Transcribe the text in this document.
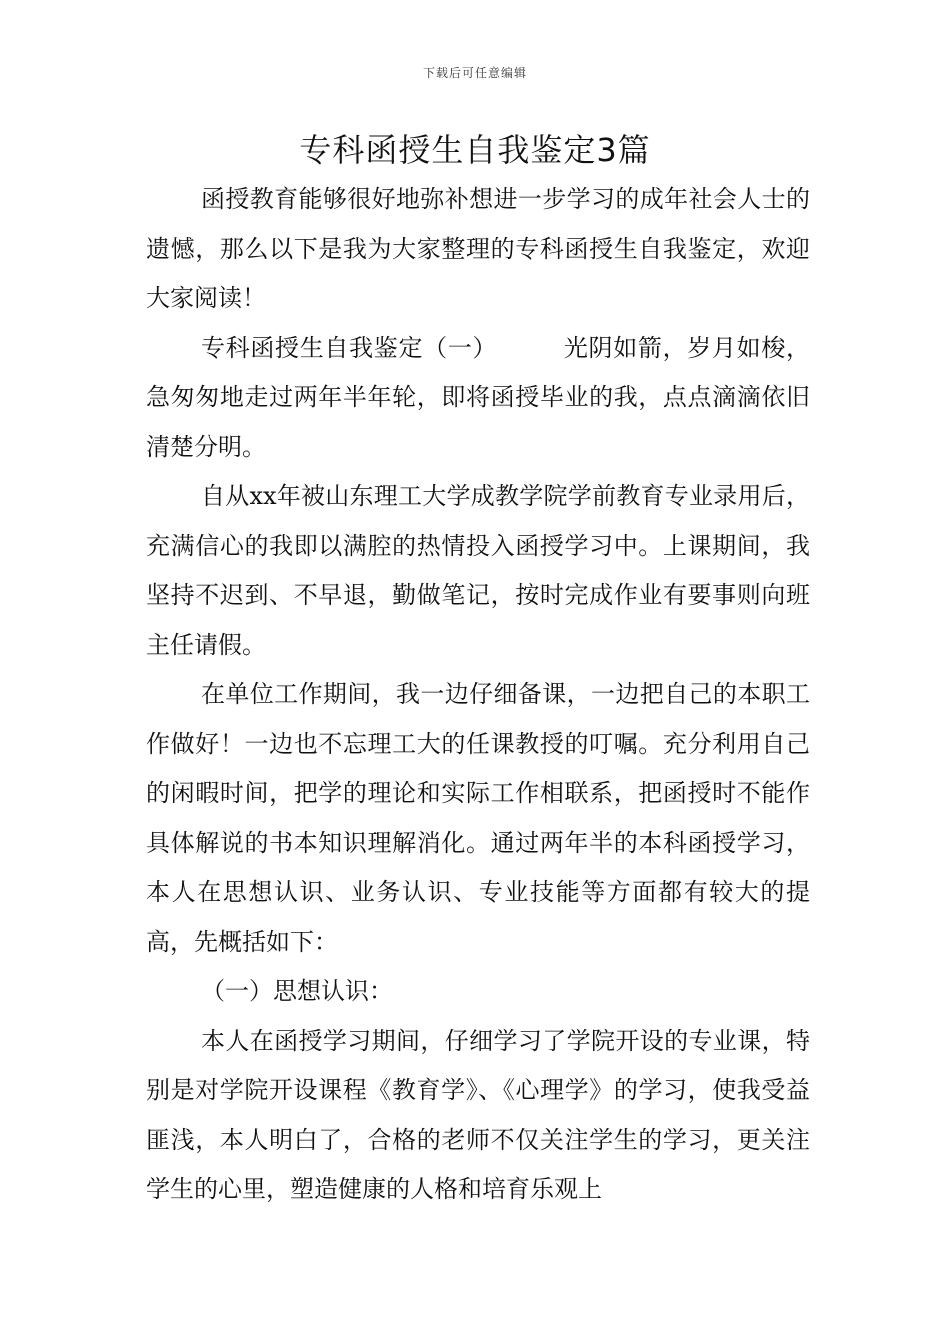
下载后可任意编辑
专科函授生自我鉴定3篇

函授教育能够很好地弥补想进一步学习的成年社会人士的遗憾，那么以下是我为大家整理的专科函授生自我鉴定，欢迎大家阅读！

专科函授生自我鉴定（一）	光阴如箭，岁月如梭，急匆匆地走过两年半年轮，即将函授毕业的我，点点滴滴依旧清楚分明。

自从xx年被山东理工大学成教学院学前教育专业录用后，充满信心的我即以满腔的热情投入函授学习中。上课期间，我坚持不迟到、不早退，勤做笔记，按时完成作业有要事则向班主任请假。

在单位工作期间，我一边仔细备课，一边把自己的本职工作做好！一边也不忘理工大的任课教授的叮嘱。充分利用自己的闲暇时间，把学的理论和实际工作相联系，把函授时不能作具体解说的书本知识理解消化。通过两年半的本科函授学习，本人在思想认识、业务认识、专业技能等方面都有较大的提高，先概括如下：

（一）思想认识：

本人在函授学习期间，仔细学习了学院开设的专业课，特别是对学院开设课程《教育学》、《心理学》的学习，使我受益匪浅，本人明白了，合格的老师不仅关注学生的学习，更关注学生的心里，塑造健康的人格和培育乐观上
